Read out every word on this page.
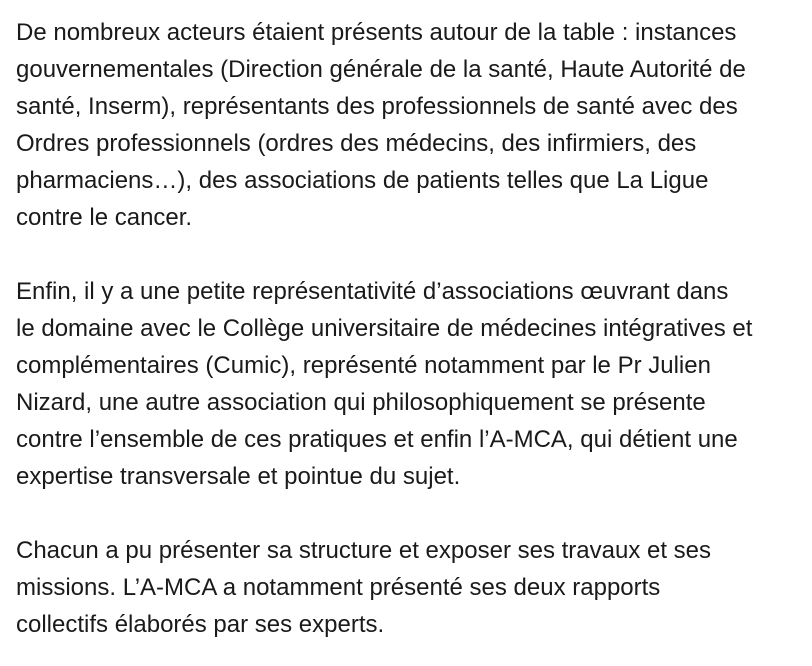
De nombreux acteurs étaient présents autour de la table : instances
gouvernementales (Direction générale de la santé, Haute Autorité de
santé, Inserm), représentants des professionnels de santé avec des
Ordres professionnels (ordres des médecins, des infirmiers, des
pharmaciens…), des associations de patients telles que La Ligue
contre le cancer.

Enfin, il y a une petite représentativité d’associations œuvrant dans
le domaine avec le Collège universitaire de médecines intégratives et
complémentaires (Cumic), représenté notamment par le Pr Julien
Nizard, une autre association qui philosophiquement se présente
contre l’ensemble de ces pratiques et enfin l’A-MCA, qui détient une
expertise transversale et pointue du sujet.

Chacun a pu présenter sa structure et exposer ses travaux et ses
missions. L’A-MCA a notamment présenté ses deux rapports
collectifs élaborés par ses experts.
